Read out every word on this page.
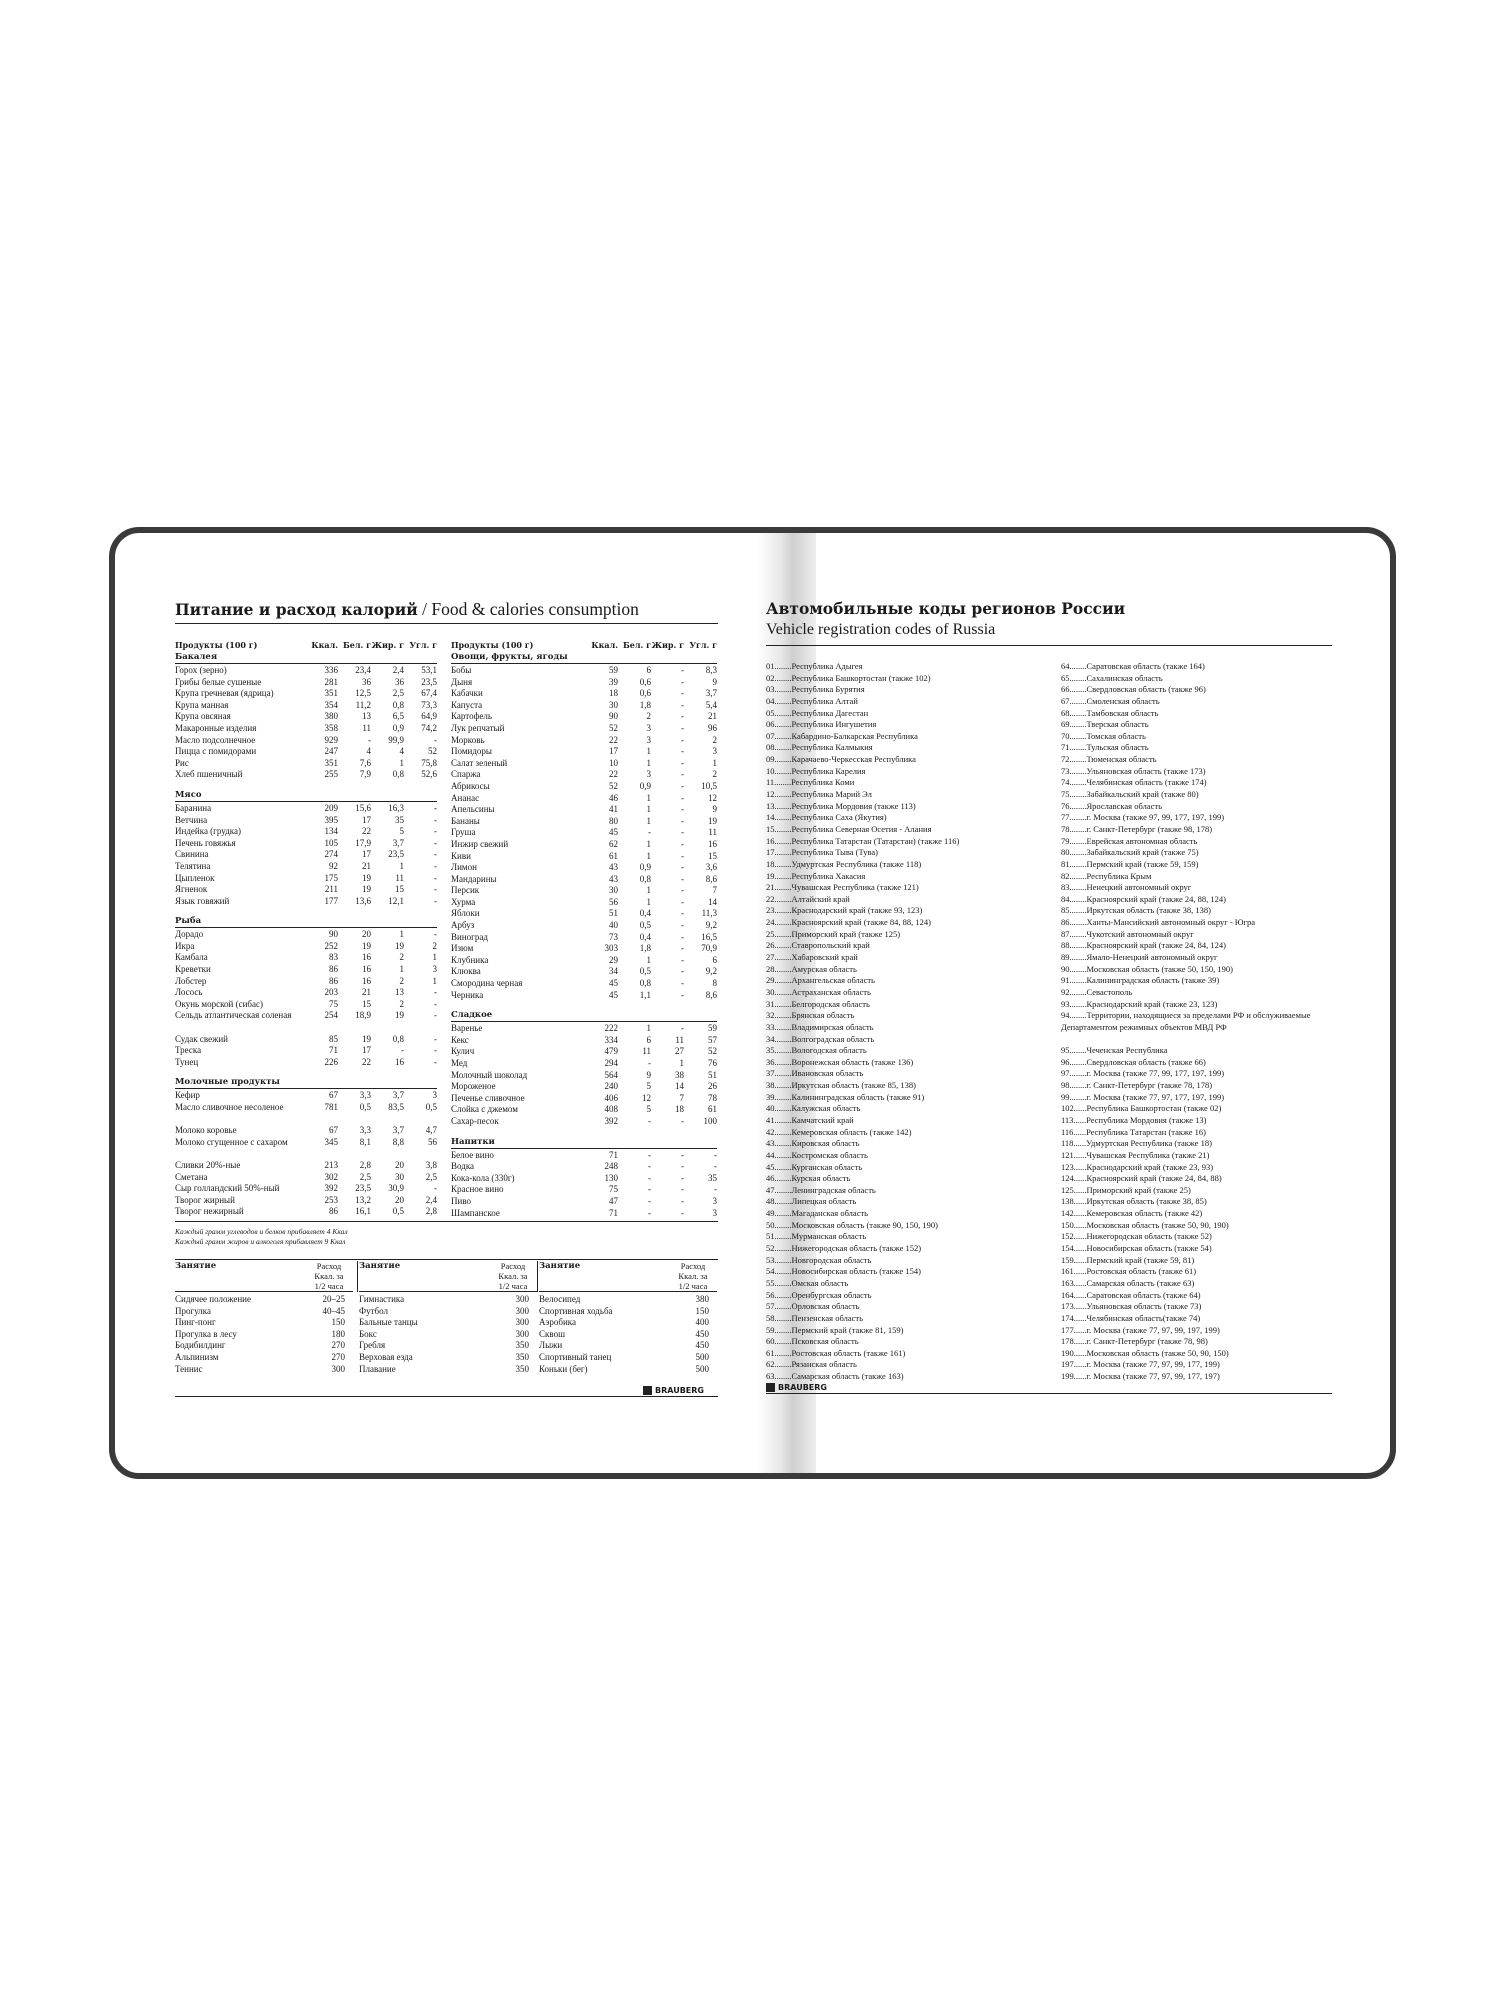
Питание и расход калорий / Food & calories consumption
Продукты (100 г)	Ккал. Бел. г Жир. г Угл. г
Бакалея
Горох (зерно)	336	23,4	2,4	53,1
Грибы белые сушеные	281	36	36	23,5
Крупа гречневая (ядрица)	351	12,5	2,5	67,4
Крупа манная	354	11,2	0,8	73,3
Крупа овсяная	380	13	6,5	64,9
Макаронные изделия	358	11	0,9	74,2
Масло подсолнечное	929	-	99,9	-
Пицца с помидорами	247	4	4	52
Рис	351	7,6	1	75,8
Хлеб пшеничный	255	7,9	0,8	52,6
Мясо
Баранина	209	15,6	16,3	-
Ветчина	395	17	35	-
Индейка (грудка)	134	22	5	-
Печень говяжья	105	17,9	3,7	-
Свинина	274	17	23,5	-
Телятина	92	21	1	-
Цыпленок	175	19	11	-
Ягненок	211	19	15	-
Язык говяжий	177	13,6	12,1	-
Рыба
Дорадо	90	20	1	-
Икра	252	19	19	2
Камбала	83	16	2	1
Креветки	86	16	1	3
Лобстер	86	16	2	1
Лосось	203	21	13	-
Окунь морской (сибас)	75	15	2	-
Сельдь атлантическая соленая	254	18,9	19	-
Судак свежий	85	19	0,8	-
Треска	71	17	-	-
Тунец	226	22	16	-
Молочные продукты
Кефир	67	3,3	3,7	3
Масло сливочное несоленое	781	0,5	83,5	0,5
Молоко коровье	67	3,3	3,7	4,7
Молоко сгущенное с сахаром	345	8,1	8,8	56
Сливки 20%-ные	213	2,8	20	3,8
Сметана	302	2,5	30	2,5
Сыр голландский 50%-ный	392	23,5	30,9	-
Творог жирный	253	13,2	20	2,4
Творог нежирный	86	16,1	0,5	2,8
Продукты (100 г)	Ккал. Бел. г Жир. г Угл. г
Овощи, фрукты, ягоды
Бобы	59	6	-	8,3
Дыня	39	0,6	-	9
Кабачки	18	0,6	-	3,7
Капуста	30	1,8	-	5,4
Картофель	90	2	-	21
Лук репчатый	52	3	-	96
Морковь	22	3	-	2
Помидоры	17	1	-	3
Салат зеленый	10	1	-	1
Спаржа	22	3	-	2
Абрикосы	52	0,9	-	10,5
Ананас	46	1	-	12
Апельсины	41	1	-	9
Бананы	80	1	-	19
Груша	45	-	-	11
Инжир свежий	62	1	-	16
Киви	61	1	-	15
Лимон	43	0,9	-	3,6
Мандарины	43	0,8	-	8,6
Персик	30	1	-	7
Хурма	56	1	-	14
Яблоки	51	0,4	-	11,3
Арбуз	40	0,5	-	9,2
Виноград	73	0,4	-	16,5
Изюм	303	1,8	-	70,9
Клубника	29	1	-	6
Клюква	34	0,5	-	9,2
Смородина черная	45	0,8	-	8
Черника	45	1,1	-	8,6
Сладкое
Варенье	222	1	-	59
Кекс	334	6	11	57
Кулич	479	11	27	52
Мед	294	-	1	76
Молочный шоколад	564	9	38	51
Мороженое	240	5	14	26
Печенье сливочное	406	12	7	78
Слойка с джемом	408	5	18	61
Сахар-песок	392	-	-	100
Напитки
Белое вино	71	-	-	-
Водка	248	-	-	-
Кока-кола (330г)	130	-	-	35
Красное вино	75	-	-	-
Пиво	47	-	-	3
Шампанское	71	-	-	3
Каждый грамм углеводов и белков прибавляет 4 Ккал
Каждый грамм жиров и алкоголя прибавляет 9 Ккал
Занятие	Расход
Ккал. за
1/2 часа
Сидячее положение	20–25
Прогулка	40–45
Пинг-понг	150
Прогулка в лесу	180
Бодибилдинг	270
Альпинизм	270
Теннис	300
Занятие	Расход
Ккал. за
1/2 часа
Гимнастика	300
Футбол	300
Бальные танцы	300
Бокс	300
Гребля	350
Верховая езда	350
Плавание	350
Занятие	Расход
Ккал. за
1/2 часа
Велосипед	380
Спортивная ходьба	150
Аэробика	400
Сквош	450
Лыжи	450
Спортивный танец	500
Коньки (бег)	500
BRAUBERG
Автомобильные коды регионов России
Vehicle registration codes of Russia
01........Республика Адыгея
02........Республика Башкортостан (также 102)
03........Республика Бурятия
04........Республика Алтай
05........Республика Дагестан
06........Республика Ингушетия
07........Кабардино-Балкарская Республика
08........Республика Калмыкия
09........Карачаево-Черкесская Республика
10........Республика Карелия
11........Республика Коми
12........Республика Марий Эл
13........Республика Мордовия (также 113)
14........Республика Саха (Якутия)
15........Республика Северная Осетия - Алания
16........Республика Татарстан (Татарстан) (также 116)
17........Республика Тыва (Тува)
18........Удмуртская Республика (также 118)
19........Республика Хакасия
21........Чувашская Республика (также 121)
22........Алтайский край
23........Краснодарский край (также 93, 123)
24........Красноярский край (также 84, 88, 124)
25........Приморский край (также 125)
26........Ставропольский край
27........Хабаровский край
28........Амурская область
29........Архангельская область
30........Астраханская область
31........Белгородская область
32........Брянская область
33........Владимирская область
34........Волгоградская область
35........Вологодская область
36........Воронежская область (также 136)
37........Ивановская область
38........Иркутская область (также 85, 138)
39........Калининградская область (также 91)
40........Калужская область
41........Камчатский край
42........Кемеровская область (также 142)
43........Кировская область
44........Костромская область
45........Курганская область
46........Курская область
47........Ленинградская область
48........Липецкая область
49........Магаданская область
50........Московская область (также 90, 150, 190)
51........Мурманская область
52........Нижегородская область (также 152)
53........Новгородская область
54........Новосибирская область (также 154)
55........Омская область
56........Оренбургская область
57........Орловская область
58........Пензенская область
59........Пермский край (также 81, 159)
60........Псковская область
61........Ростовская область (также 161)
62........Рязанская область
63........Самарская область (также 163)
64........Саратовская область (также 164)
65........Сахалинская область
66........Свердловская область (также 96)
67........Смоленская область
68........Тамбовская область
69........Тверская область
70........Томская область
71........Тульская область
72........Тюменская область
73........Ульяновская область (также 173)
74........Челябинская область (также 174)
75........Забайкальский край (также 80)
76........Ярославская область
77........г. Москва (также 97, 99, 177, 197, 199)
78........г. Санкт-Петербург (также 98, 178)
79........Еврейская автономная область
80........Забайкальский край (также 75)
81........Пермский край (также 59, 159)
82........Республика Крым
83........Ненецкий автономный округ
84........Красноярский край (также 24, 88, 124)
85........Иркутская область (также 38, 138)
86........Ханты-Мансийский автономный округ - Югра
87........Чукотский автономный округ
88........Красноярский край (также 24, 84, 124)
89........Ямало-Ненецкий автономный округ
90........Московская область (также 50, 150, 190)
91........Калининградская область (также 39)
92........Севастополь
93........Краснодарский край (также 23, 123)
94........Территории, находящиеся за пределами РФ и обслуживаемые Департаментом режимных объектов МВД РФ
95........Чеченская Республика
96........Свердловская область (также 66)
97........г. Москва (также 77, 99, 177, 197, 199)
98........г. Санкт-Петербург (также 78, 178)
99........г. Москва (также 77, 97, 177, 197, 199)
102......Республика Башкортостан (также 02)
113......Республика Мордовия (также 13)
116......Республика Татарстан (также 16)
118......Удмуртская Республика (также 18)
121......Чувашская Республика (также 21)
123......Краснодарский край (также 23, 93)
124......Красноярский край (также 24, 84, 88)
125......Приморский край (также 25)
138......Иркутская область (также 38, 85)
142......Кемеровская область (также 42)
150......Московская область (также 50, 90, 190)
152......Нижегородская область (также 52)
154......Новосибирская область (также 54)
159......Пермский край (также 59, 81)
161......Ростовская область (также 61)
163......Самарская область (также 63)
164......Саратовская область (также 64)
173......Ульяновская область (также 73)
174......Челябинская область(также 74)
177......г. Москва (также 77, 97, 99, 197, 199)
178......г. Санкт-Петербург (также 78, 98)
190......Московская область (также 50, 90, 150)
197......г. Москва (также 77, 97, 99, 177, 199)
199......г. Москва (также 77, 97, 99, 177, 197)
BRAUBERG
